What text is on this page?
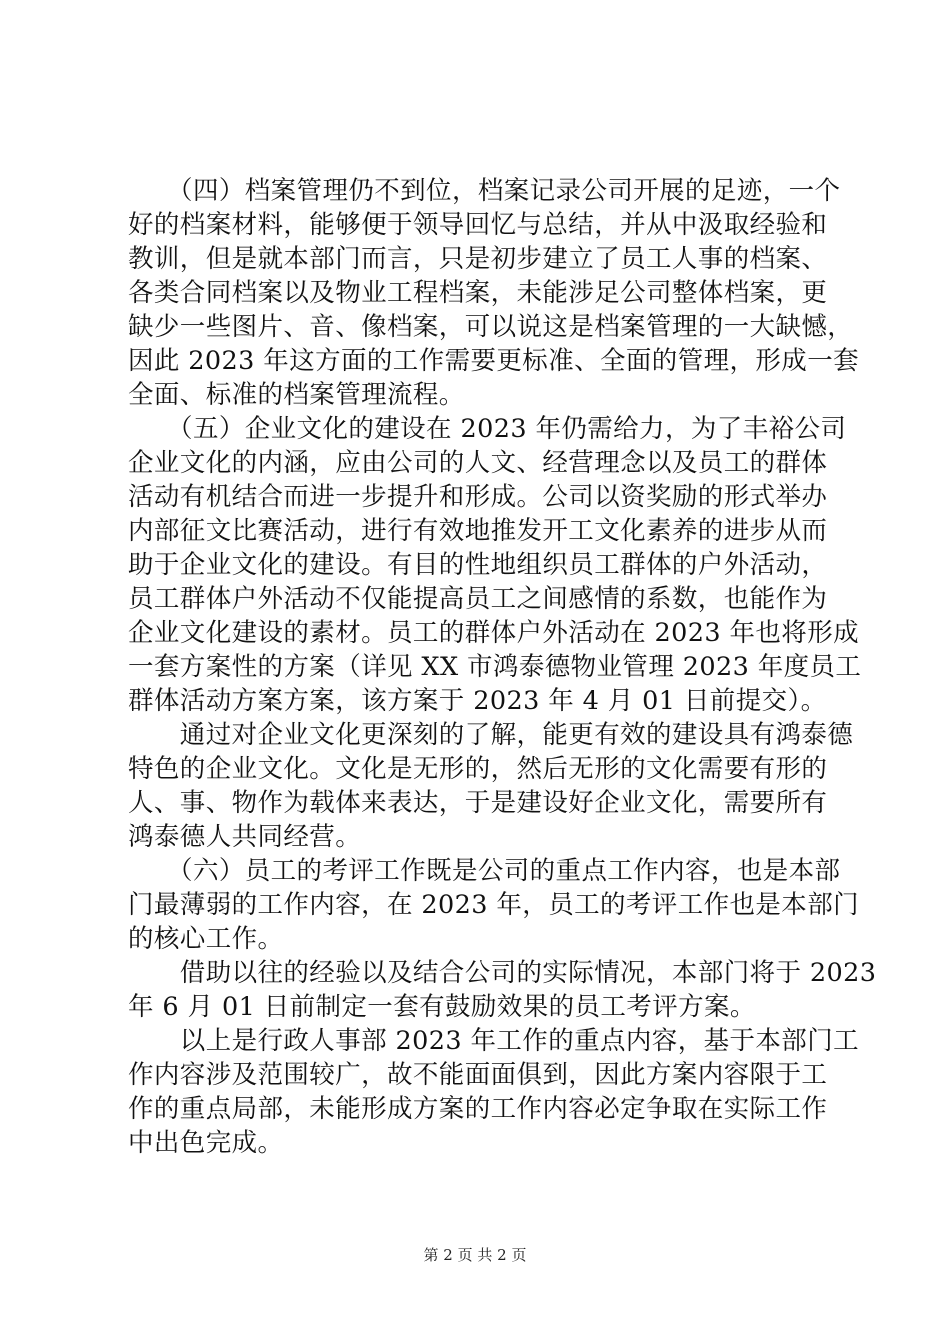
　　（四）档案管理仍不到位，档案记录公司开展的足迹，一个
好的档案材料，能够便于领导回忆与总结，并从中汲取经验和
教训，但是就本部门而言，只是初步建立了员工人事的档案、
各类合同档案以及物业工程档案，未能涉足公司整体档案，更
缺少一些图片、音、像档案，可以说这是档案管理的一大缺憾，
因此 2023 年这方面的工作需要更标准、全面的管理，形成一套
全面、标准的档案管理流程。
　　（五）企业文化的建设在 2023 年仍需给力，为了丰裕公司
企业文化的内涵，应由公司的人文、经营理念以及员工的群体
活动有机结合而进一步提升和形成。公司以资奖励的形式举办
内部征文比赛活动，进行有效地推发开工文化素养的进步从而
助于企业文化的建设。有目的性地组织员工群体的户外活动，
员工群体户外活动不仅能提高员工之间感情的系数，也能作为
企业文化建设的素材。员工的群体户外活动在 2023 年也将形成
一套方案性的方案（详见 XX 市鸿泰德物业管理 2023 年度员工
群体活动方案方案，该方案于 2023 年 4 月 01 日前提交）。
　　通过对企业文化更深刻的了解，能更有效的建设具有鸿泰德
特色的企业文化。文化是无形的，然后无形的文化需要有形的
人、事、物作为载体来表达，于是建设好企业文化，需要所有
鸿泰德人共同经营。
　　（六）员工的考评工作既是公司的重点工作内容，也是本部
门最薄弱的工作内容，在 2023 年，员工的考评工作也是本部门
的核心工作。
　　借助以往的经验以及结合公司的实际情况，本部门将于 2023
年 6 月 01 日前制定一套有鼓励效果的员工考评方案。
　　以上是行政人事部 2023 年工作的重点内容，基于本部门工
作内容涉及范围较广，故不能面面俱到，因此方案内容限于工
作的重点局部，未能形成方案的工作内容必定争取在实际工作
中出色完成。
第 2 页 共 2 页
